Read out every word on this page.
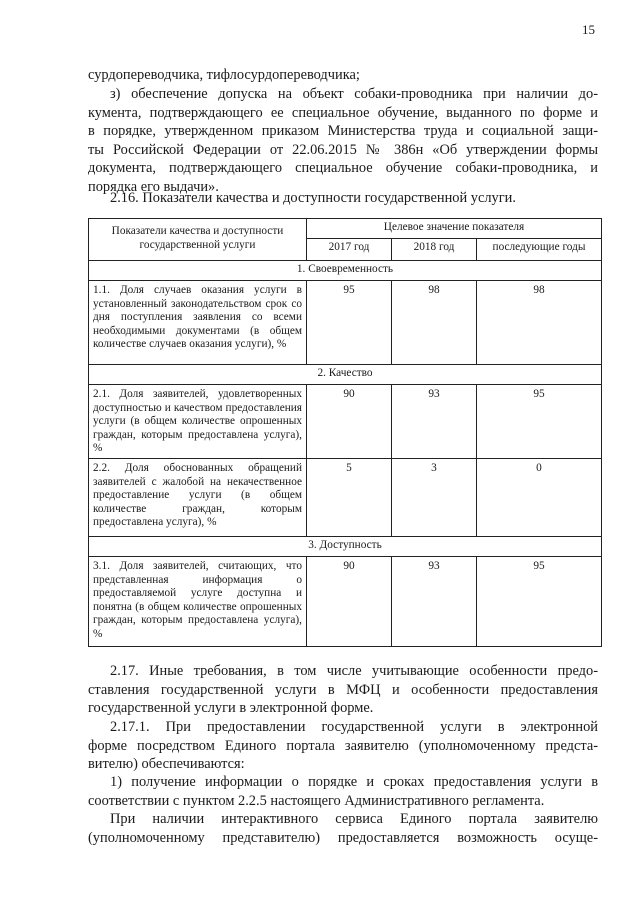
15
сурдопереводчика, тифлосурдопереводчика;
з) обеспечение допуска на объект собаки-проводника при наличии до-
кумента, подтверждающего ее специальное обучение, выданного по форме и
в порядке, утвержденном приказом Министерства труда и социальной защи-
ты Российской Федерации от 22.06.2015 № 386н «Об утверждении формы
документа, подтверждающего специальное обучение собаки-проводника, и
порядка его выдачи».
2.16. Показатели качества и доступности государственной услуги.
Показатели качества и доступности государственной услуги	Целевое значение показателя		
	2017 год	2018 год	последующие годы
1. Своевременность			
1.1. Доля случаев оказания услуги в установленный законодательством срок со дня поступления заявления со всеми необходимыми документами (в общем количестве случаев оказания услуги), %	95	98	98
2. Качество			
2.1. Доля заявителей, удовлетворенных доступностью и качеством предоставления услуги (в общем количестве опрошенных граждан, которым предоставлена услуга), %	90	93	95
2.2. Доля обоснованных обращений заявителей с жалобой на некачественное предоставление услуги (в общем количестве граждан, которым предоставлена услуга), %	5	3	0
3. Доступность			
3.1. Доля заявителей, считающих, что представленная информация о предоставляемой услуге доступна и понятна (в общем количестве опрошенных граждан, которым предоставлена услуга), %	90	93	95
2.17. Иные требования, в том числе учитывающие особенности предо-
ставления государственной услуги в МФЦ и особенности предоставления
государственной услуги в электронной форме.
2.17.1. При предоставлении государственной услуги в электронной
форме посредством Единого портала заявителю (уполномоченному предста-
вителю) обеспечиваются:
1) получение информации о порядке и сроках предоставления услуги в
соответствии с пунктом 2.2.5 настоящего Административного регламента.
При наличии интерактивного сервиса Единого портала заявителю
(уполномоченному представителю) предоставляется возможность осуще-
